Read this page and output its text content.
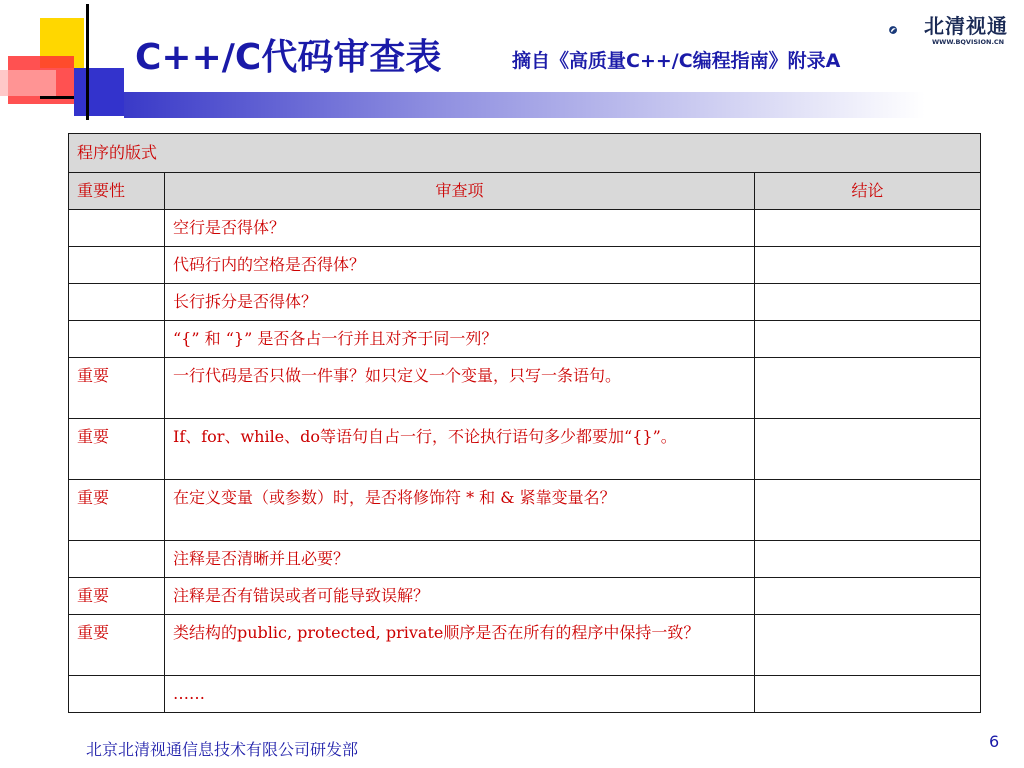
C++/C代码审查表	摘自《高质量C++/C编程指南》附录A
北清视通
WWW.BQVISION.CN
程序的版式		
重要性	审查项	结论
	空行是否得体？	
	代码行内的空格是否得体？	
	长行拆分是否得体？	
	“{” 和 “}” 是否各占一行并且对齐于同一列？	
重要	一行代码是否只做一件事？如只定义一个变量，只写一条语句。	
重要	If、for、while、do等语句自占一行，不论执行语句多少都要加“{}”。	
重要	在定义变量（或参数）时，是否将修饰符 * 和 & 紧靠变量名？	
	注释是否清晰并且必要？	
重要	注释是否有错误或者可能导致误解？	
重要	类结构的public, protected, private顺序是否在所有的程序中保持一致？	
	……	
北京北清视通信息技术有限公司研发部	6
